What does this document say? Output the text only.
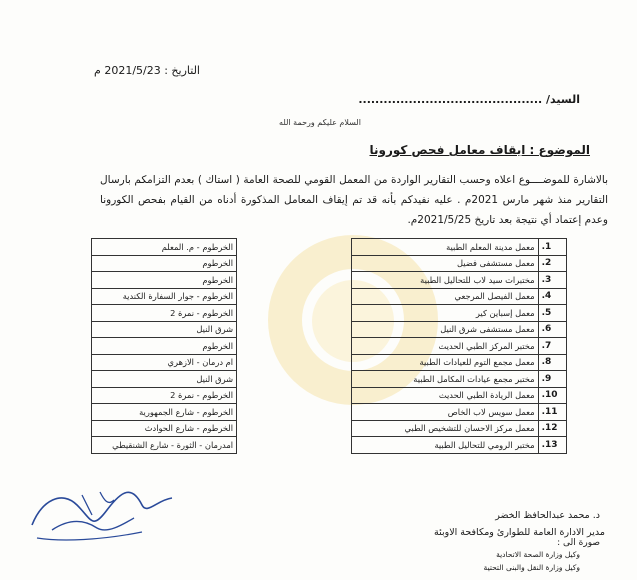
التاريخ : 2021/5/23 م
السيد/ ............................................
السلام عليكم ورحمة الله
الموضوع : ايقاف معامل فحص كورونا
بالاشارة للموضــــوع اعلاه وحسب التقارير الواردة من المعمل القومي للصحة العامة ( استاك ) بعدم التزامكم بارسال التقارير منذ شهر مارس 2021م . عليه نفيدكم بأنه قد تم إيقاف المعامل المذكورة أدناه من القيام بفحص الكورونا وعدم إعتماد أي نتيجة بعد تاريخ 2021/5/25م.
1.	معمل مدينة المعلم الطبية		الخرطوم - م. المعلم
2.	معمل مستشفى فضيل		الخرطوم
3.	مختبرات سيد لاب للتحاليل الطبية		الخرطوم
4.	معمل الفيصل المرجعي		الخرطوم - جوار السفارة الكندية
5.	معمل إسباين كير		الخرطوم - نمرة 2
6.	معمل مستشفى شرق النيل		شرق النيل
7.	مختبر المركز الطبي الحديث		الخرطوم
8.	معمل مجمع التوم للعيادات الطبية		ام درمان - الازهري
9.	مختبر مجمع عيادات المكامل الطبية		شرق النيل
10.	معمل الريادة الطبي الحديث		الخرطوم - نمرة 2
11.	معمل سويس لاب الخاص		الخرطوم - شارع الجمهورية
12.	معمل مركز الاحسان للتشخيص الطبي		الخرطوم - شارع الحوادث
13.	مختبر الرومي للتحاليل الطبية		امدرمان - الثورة - شارع الشنقيطي
د. محمد عبدالحافظ الخضر
مدير الادارة العامة للطوارئ ومكافحة الاوبئة
صورة الى :
وكيل وزارة الصحة الاتحادية
وكيل وزارة النقل والبنى التحتية
